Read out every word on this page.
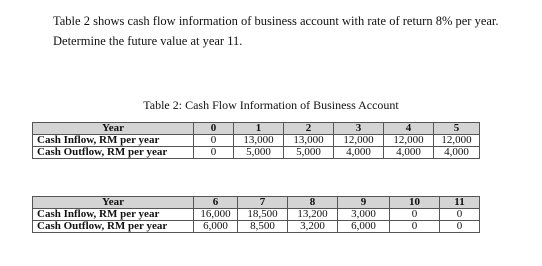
Table 2 shows cash flow information of business account with rate of return 8% per year.

Determine the future value at year 11.

Table 2: Cash Flow Information of Business Account
Year	0	1	2	3	4	5
Cash Inflow, RM per year	0	13,000	13,000	12,000	12,000	12,000
Cash Outflow, RM per year	0	5,000	5,000	4,000	4,000	4,000
Year	6	7	8	9	10	11
Cash Inflow, RM per year	16,000	18,500	13,200	3,000	0	0
Cash Outflow, RM per year	6,000	8,500	3,200	6,000	0	0
